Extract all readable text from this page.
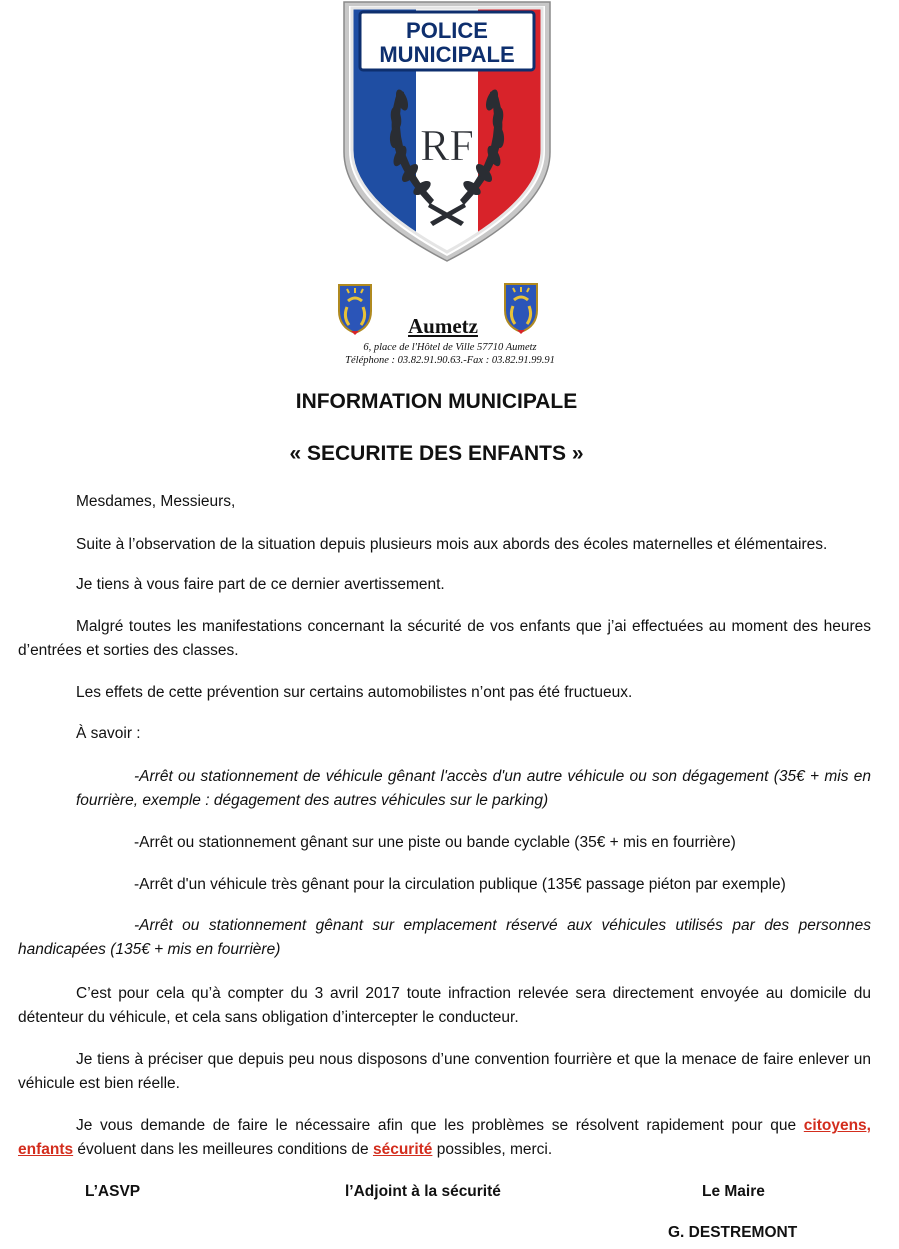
POLICE
MUNICIPALE
RF
Aumetz
6, place de l'Hôtel de Ville 57710 Aumetz
Téléphone : 03.82.91.90.63.-Fax : 03.82.91.99.91
INFORMATION MUNICIPALE
« SECURITE DES ENFANTS »

Mesdames, Messieurs,

Suite à l’observation de la situation depuis plusieurs mois aux abords des écoles maternelles et élémentaires.

Je tiens à vous faire part de ce dernier avertissement.

Malgré toutes les manifestations concernant la sécurité de vos enfants que j’ai effectuées au moment des heures d’entrées et sorties des classes.

Les effets de cette prévention sur certains automobilistes n’ont pas été fructueux.

À savoir :

-Arrêt ou stationnement de véhicule gênant l'accès d'un autre véhicule ou son dégagement (35€ + mis en fourrière, exemple : dégagement des autres véhicules sur le parking)

-Arrêt ou stationnement gênant sur une piste ou bande cyclable (35€ + mis en fourrière)

-Arrêt d'un véhicule très gênant pour la circulation publique (135€ passage piéton par exemple)

-Arrêt ou stationnement gênant sur emplacement réservé aux véhicules utilisés par des personnes handicapées (135€ + mis en fourrière)

C’est pour cela qu’à compter du 3 avril 2017 toute infraction relevée sera directement envoyée au domicile du détenteur du véhicule, et cela sans obligation d’intercepter le conducteur.

Je tiens à préciser que depuis peu nous disposons d’une convention fourrière et que la menace de faire enlever un véhicule est bien réelle.

Je vous demande de faire le nécessaire afin que les problèmes se résolvent rapidement pour que citoyens, enfants évoluent dans les meilleures conditions de sécurité possibles, merci.

L’ASVP	l’Adjoint à la sécurité	Le Maire
G. DESTREMONT
